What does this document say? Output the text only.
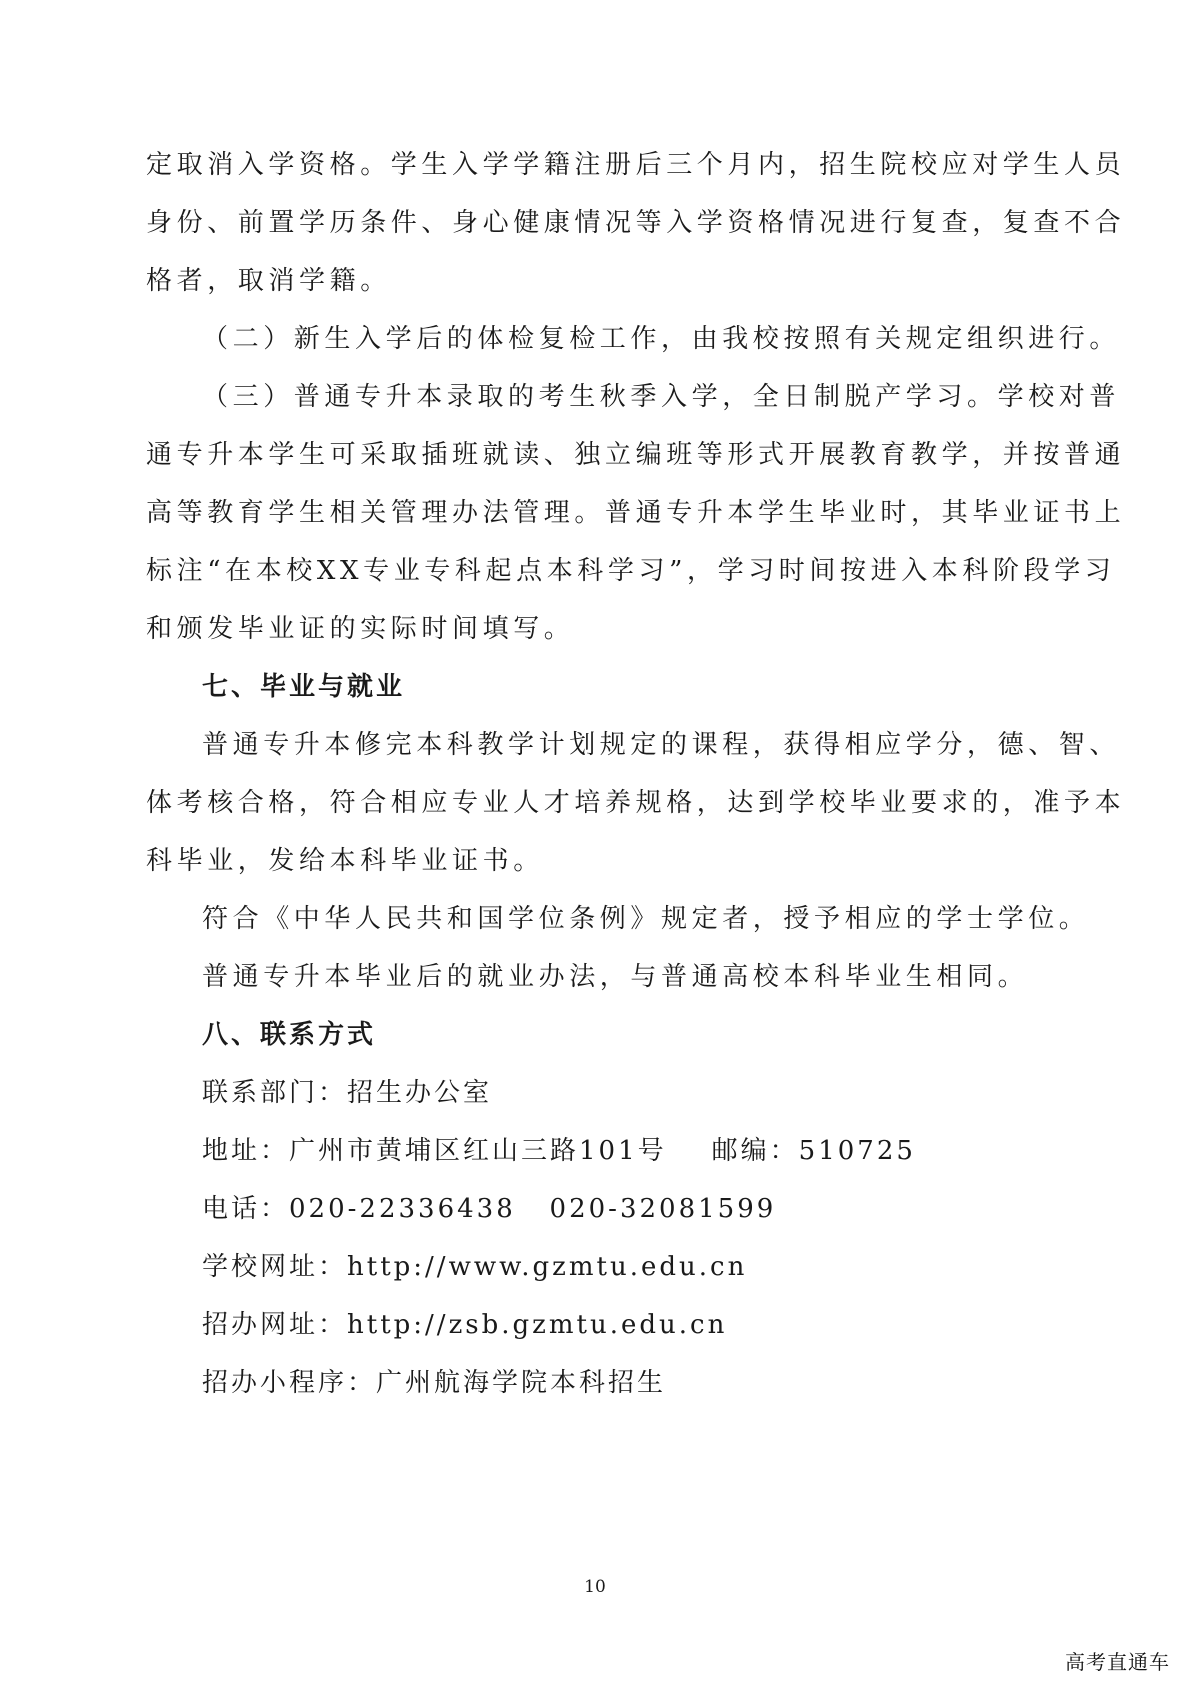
定取消入学资格。学生入学学籍注册后三个月内，招生院校应对学生人员
身份、前置学历条件、身心健康情况等入学资格情况进行复查，复查不合
格者，取消学籍。
（二）新生入学后的体检复检工作，由我校按照有关规定组织进行。
（三）普通专升本录取的考生秋季入学，全日制脱产学习。学校对普
通专升本学生可采取插班就读、独立编班等形式开展教育教学，并按普通
高等教育学生相关管理办法管理。普通专升本学生毕业时，其毕业证书上
标注“在本校XX专业专科起点本科学习”，学习时间按进入本科阶段学习
和颁发毕业证的实际时间填写。
七、毕业与就业
普通专升本修完本科教学计划规定的课程，获得相应学分，德、智、
体考核合格，符合相应专业人才培养规格，达到学校毕业要求的，准予本
科毕业，发给本科毕业证书。
符合《中华人民共和国学位条例》规定者，授予相应的学士学位。
普通专升本毕业后的就业办法，与普通高校本科毕业生相同。
八、联系方式
联系部门：招生办公室
地址：广州市黄埔区红山三路101号    邮编：510725
电话：020-22336438   020-32081599
学校网址：http://www.gzmtu.edu.cn
招办网址：http://zsb.gzmtu.edu.cn
招办小程序：广州航海学院本科招生
10
高考直通车
